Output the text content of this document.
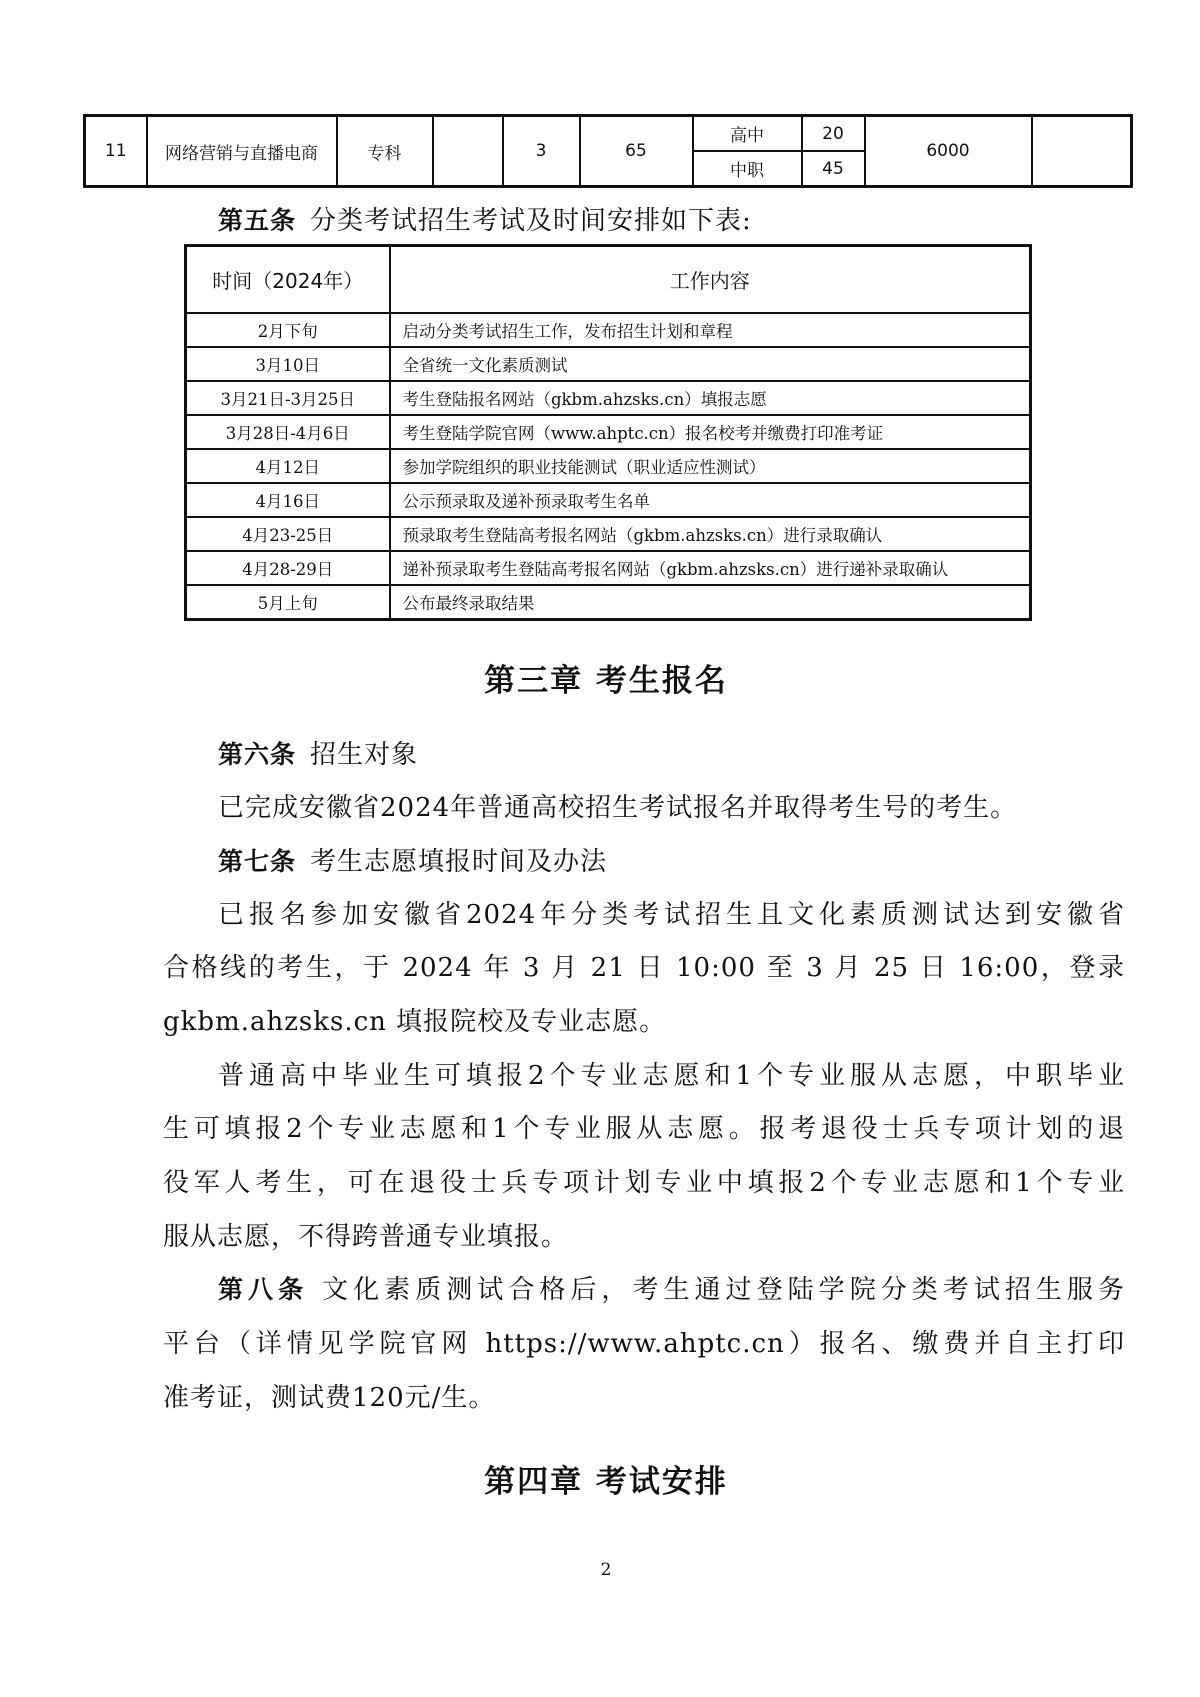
11	网络营销与直播电商	专科		3	65	高中	20	6000	
						中职	45		
第五条 分类考试招生考试及时间安排如下表:
时间（2024年）	工作内容
2月下旬	启动分类考试招生工作，发布招生计划和章程
3月10日	全省统一文化素质测试
3月21日-3月25日	考生登陆报名网站（gkbm.ahzsks.cn）填报志愿
3月28日-4月6日	考生登陆学院官网（www.ahptc.cn）报名校考并缴费打印准考证
4月12日	参加学院组织的职业技能测试（职业适应性测试）
4月16日	公示预录取及递补预录取考生名单
4月23-25日	预录取考生登陆高考报名网站（gkbm.ahzsks.cn）进行录取确认
4月28-29日	递补预录取考生登陆高考报名网站（gkbm.ahzsks.cn）进行递补录取确认
5月上旬	公布最终录取结果
第三章 考生报名
第六条 招生对象
已完成安徽省2024年普通高校招生考试报名并取得考生号的考生。
第七条 考生志愿填报时间及办法
已报名参加安徽省2024年分类考试招生且文化素质测试达到安徽省
合格线的考生，于 2024 年 3 月 21 日 10:00 至 3 月 25 日 16:00，登录
gkbm.ahzsks.cn 填报院校及专业志愿。
普通高中毕业生可填报2个专业志愿和1个专业服从志愿，中职毕业
生可填报2个专业志愿和1个专业服从志愿。报考退役士兵专项计划的退
役军人考生，可在退役士兵专项计划专业中填报2个专业志愿和1个专业
服从志愿，不得跨普通专业填报。
第八条 文化素质测试合格后，考生通过登陆学院分类考试招生服务
平台（详情见学院官网 https://www.ahptc.cn）报名、缴费并自主打印
准考证，测试费120元/生。
第四章 考试安排
2
